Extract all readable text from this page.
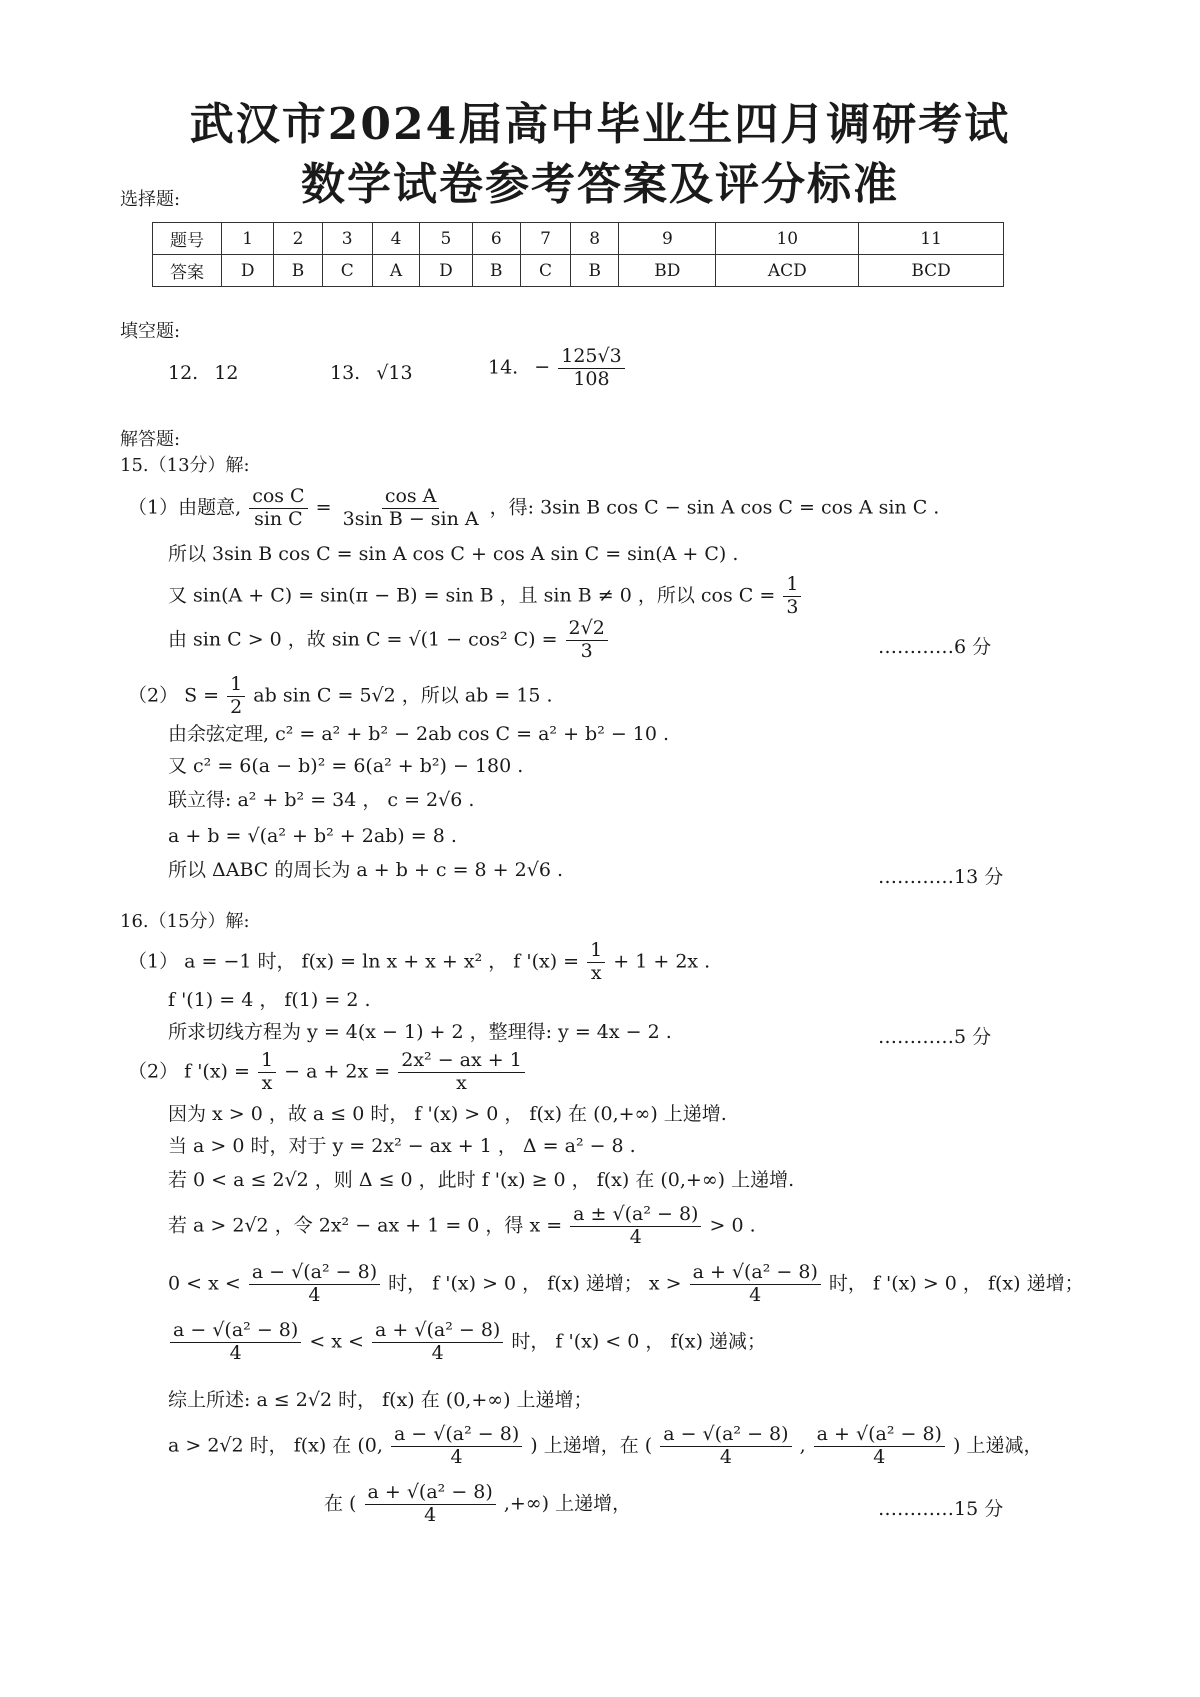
武汉市2024届高中毕业生四月调研考试
数学试卷参考答案及评分标准
选择题:
题号	1	2	3	4	5	6	7	8	9	10	11
答案	D	B	C	A	D	B	C	B	BD	ACD	BCD
填空题:
12. 12	13. √13	14. − $\frac{125√3}{108}$
解答题:
15.（13分）解:
（1）由题意, $\frac{\text{cos C}}{\text{sin C}} = \frac{\text{cos A}}{\text{3sin B − sin A}}$ ，得: 3sin B cos C − sin A cos C = cos A sin C .
所以 3sin B cos C = sin A cos C + cos A sin C = sin(A + C) .
又 sin(A + C) = sin(π − B) = sin B ，且 sin B ≠ 0 ，所以 $\cos C = \frac{1}{3}$
由 sin C > 0 ，故 sin C = √(1 − cos² $C) = \frac{2√2}{3}$	…………6 分
（2） $S = \frac{1}{2}$ ab sin C = 5√2 ，所以 ab = 15 .
由余弦定理, c² = a² + b² − 2ab cos C = a² + b² − 10 .
又 c² = 6(a − b)² = 6(a² + b²) − 180 .
联立得: a² + b² = 34 ， c = 2√6 .
a + b = √(a² + b² + 2ab) = 8 .
所以 ΔABC 的周长为 a + b + c = 8 + 2√6 .	…………13 分
16.（15分）解:
（1） a = −1 时， f(x) = ln x + x + x² ， f '$(x) = \frac{1}{x} + 1 + 2x$ .
f '(1) = 4 ， f(1) = 2 .
所求切线方程为 y = 4(x − 1) + 2 ，整理得: y = 4x − 2 .	…………5 分
（2） f '$(x) = \frac{1}{x} - a + 2x = \frac{\text{2x² − ax + 1}}{x}$
因为 x > 0 ，故 a ≤ 0 时， f '(x) > 0 ， f(x) 在 (0,+∞) 上递增.
当 a > 0 时，对于 y = 2x² − ax + 1 ， Δ = a² − 8 .
若 0 < a ≤ 2√2 ，则 Δ ≤ 0 ，此时 f '(x) ≥ 0 ， f(x) 在 (0,+∞) 上递增.
若 a > 2√2 ，令 2x² − ax + 1 = 0 ，得 $x = \frac{\text{a ± √(a² − 8)}}{4} > 0$ .
$0 < x < \frac{\text{a − √(a² − 8)}}{4}$ 时， f '(x) > 0 ， f(x) 递增； $x > \frac{\text{a + √(a² − 8)}}{4}$ 时， f '(x) > 0 ， f(x) 递增；
$\frac{\text{a − √(a² − 8)}}{4} < x < \frac{\text{a + √(a² − 8)}}{4}$ 时， f '(x) < 0 ， f(x) 递减；
综上所述: a ≤ 2√2 时， f(x) 在 (0,+∞) 上递增；
a > 2√2 时， f(x) 在 (0, $\frac{\text{a − √(a² − 8)}}{4}$ ) 上递增，在 ( $\frac{\text{a − √(a² − 8)}}{4}$ , $\frac{\text{a + √(a² − 8)}}{4}$ ) 上递减，
在 ( $\frac{\text{a + √(a² − 8)}}{4}$ ,+∞) 上递增，	…………15 分
